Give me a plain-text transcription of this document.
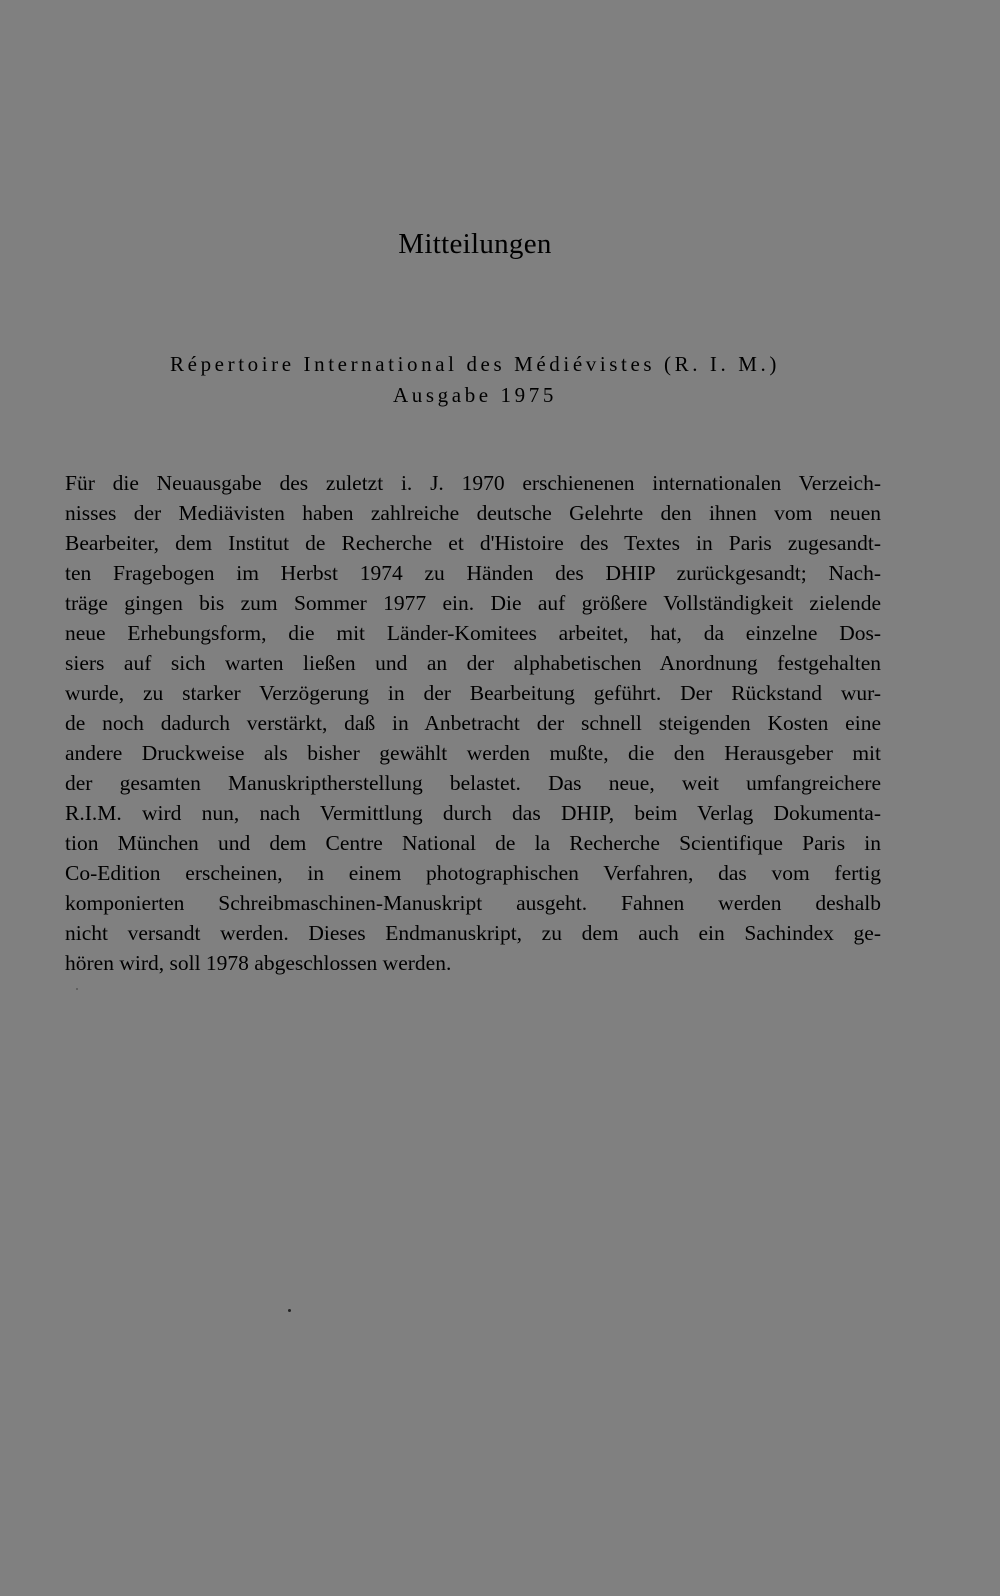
Mitteilungen
Répertoire International des Médiévistes (R. I. M.)
Ausgabe 1975
Für die Neuausgabe des zuletzt i. J. 1970 erschienenen internationalen Verzeich-
nisses der Mediävisten haben zahlreiche deutsche Gelehrte den ihnen vom neuen
Bearbeiter, dem Institut de Recherche et d'Histoire des Textes in Paris zugesandt-
ten Fragebogen im Herbst 1974 zu Händen des DHIP zurückgesandt; Nach-
träge gingen bis zum Sommer 1977 ein. Die auf größere Vollständigkeit zielende
neue Erhebungsform, die mit Länder-Komitees arbeitet, hat, da einzelne Dos-
siers auf sich warten ließen und an der alphabetischen Anordnung festgehalten
wurde, zu starker Verzögerung in der Bearbeitung geführt. Der Rückstand wur-
de noch dadurch verstärkt, daß in Anbetracht der schnell steigenden Kosten eine
andere Druckweise als bisher gewählt werden mußte, die den Herausgeber mit
der gesamten Manuskriptherstellung belastet. Das neue, weit umfangreichere
R.I.M. wird nun, nach Vermittlung durch das DHIP, beim Verlag Dokumenta-
tion München und dem Centre National de la Recherche Scientifique Paris in
Co-Edition erscheinen, in einem photographischen Verfahren, das vom fertig
komponierten Schreibmaschinen-Manuskript ausgeht. Fahnen werden deshalb
nicht versandt werden. Dieses Endmanuskript, zu dem auch ein Sachindex ge-
hören wird, soll 1978 abgeschlossen werden.
